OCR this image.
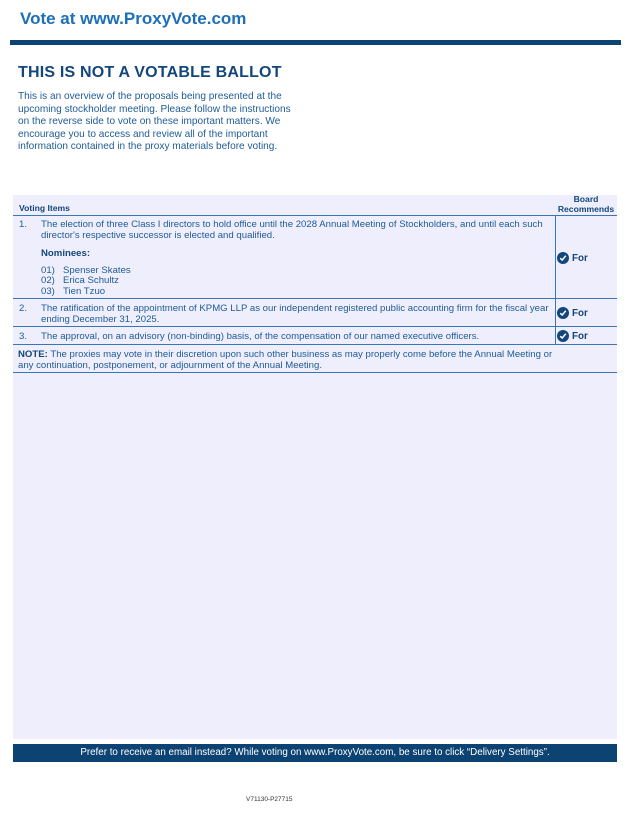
Vote at www.ProxyVote.com
THIS IS NOT A VOTABLE BALLOT
This is an overview of the proposals being presented at the upcoming stockholder meeting. Please follow the instructions on the reverse side to vote on these important matters. We encourage you to access and review all of the important information contained in the proxy materials before voting.
Voting Items
Board
Recommends
1. The election of three Class I directors to hold office until the 2028 Annual Meeting of Stockholders, and until each such director's respective successor is elected and qualified.
Nominees:
01) Spenser Skates
02) Erica Schultz
03) Tien Tzuo
For
2. The ratification of the appointment of KPMG LLP as our independent registered public accounting firm for the fiscal year ending December 31, 2025.
For
3. The approval, on an advisory (non-binding) basis, of the compensation of our named executive officers.	For
NOTE: The proxies may vote in their discretion upon such other business as may properly come before the Annual Meeting or any continuation, postponement, or adjournment of the Annual Meeting.
Prefer to receive an email instead? While voting on www.ProxyVote.com, be sure to click “Delivery Settings”.
V71130-P27715
